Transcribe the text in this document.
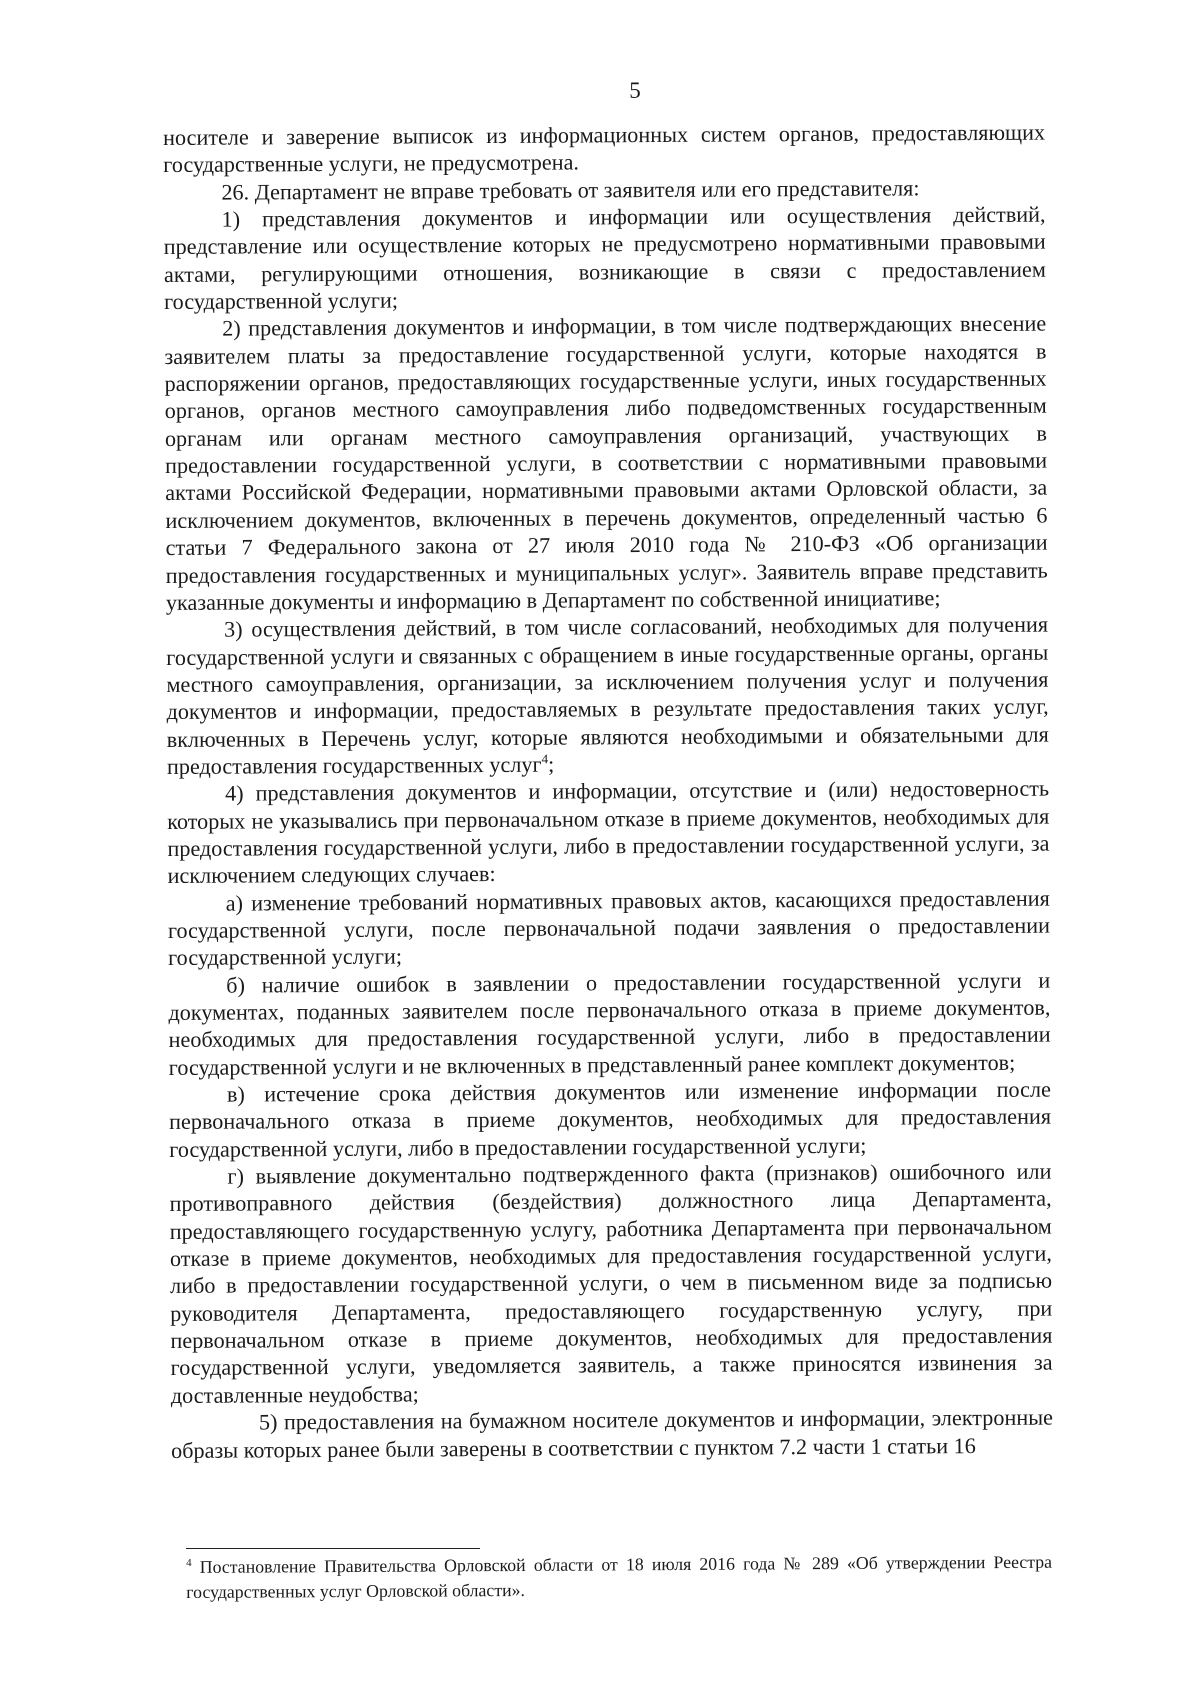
5

носителе и заверение выписок из информационных систем органов, предоставляющих государственные услуги, не предусмотрена.

26. Департамент не вправе требовать от заявителя или его представителя:

1) представления документов и информации или осуществления действий, представление или осуществление которых не предусмотрено нормативными правовыми актами, регулирующими отношения, возникающие в связи с предоставлением государственной услуги;

2) представления документов и информации, в том числе подтверждающих внесение заявителем платы за предоставление государственной услуги, которые находятся в распоряжении органов, предоставляющих государственные услуги, иных государственных органов, органов местного самоуправления либо подведомственных государственным органам или органам местного самоуправления организаций, участвующих в предоставлении государственной услуги, в соответствии с нормативными правовыми актами Российской Федерации, нормативными правовыми актами Орловской области, за исключением документов, включенных в перечень документов, определенный частью 6 статьи 7 Федерального закона от 27 июля 2010 года № 210-ФЗ «Об организации предоставления государственных и муниципальных услуг». Заявитель вправе представить указанные документы и информацию в Департамент по собственной инициативе;

3) осуществления действий, в том числе согласований, необходимых для получения государственной услуги и связанных с обращением в иные государственные органы, органы местного самоуправления, организации, за исключением получения услуг и получения документов и информации, предоставляемых в результате предоставления таких услуг, включенных в Перечень услуг, которые являются необходимыми и обязательными для предоставления государственных услуг$^4$;

4) представления документов и информации, отсутствие и (или) недостоверность которых не указывались при первоначальном отказе в приеме документов, необходимых для предоставления государственной услуги, либо в предоставлении государственной услуги, за исключением следующих случаев:

а) изменение требований нормативных правовых актов, касающихся предоставления государственной услуги, после первоначальной подачи заявления о предоставлении государственной услуги;

б) наличие ошибок в заявлении о предоставлении государственной услуги и документах, поданных заявителем после первоначального отказа в приеме документов, необходимых для предоставления государственной услуги, либо в предоставлении государственной услуги и не включенных в представленный ранее комплект документов;

в) истечение срока действия документов или изменение информации после первоначального отказа в приеме документов, необходимых для предоставления государственной услуги, либо в предоставлении государственной услуги;

г) выявление документально подтвержденного факта (признаков) ошибочного или противоправного действия (бездействия) должностного лица Департамента, предоставляющего государственную услугу, работника Департамента при первоначальном отказе в приеме документов, необходимых для предоставления государственной услуги, либо в предоставлении государственной услуги, о чем в письменном виде за подписью руководителя Департамента, предоставляющего государственную услугу, при первоначальном отказе в приеме документов, необходимых для предоставления государственной услуги, уведомляется заявитель, а также приносятся извинения за доставленные неудобства;

5) предоставления на бумажном носителе документов и информации, электронные образы которых ранее были заверены в соответствии с пунктом 7.2 части 1 статьи 16

$^4$ Постановление Правительства Орловской области от 18 июля 2016 года № 289 «Об утверждении Реестра государственных услуг Орловской области».
